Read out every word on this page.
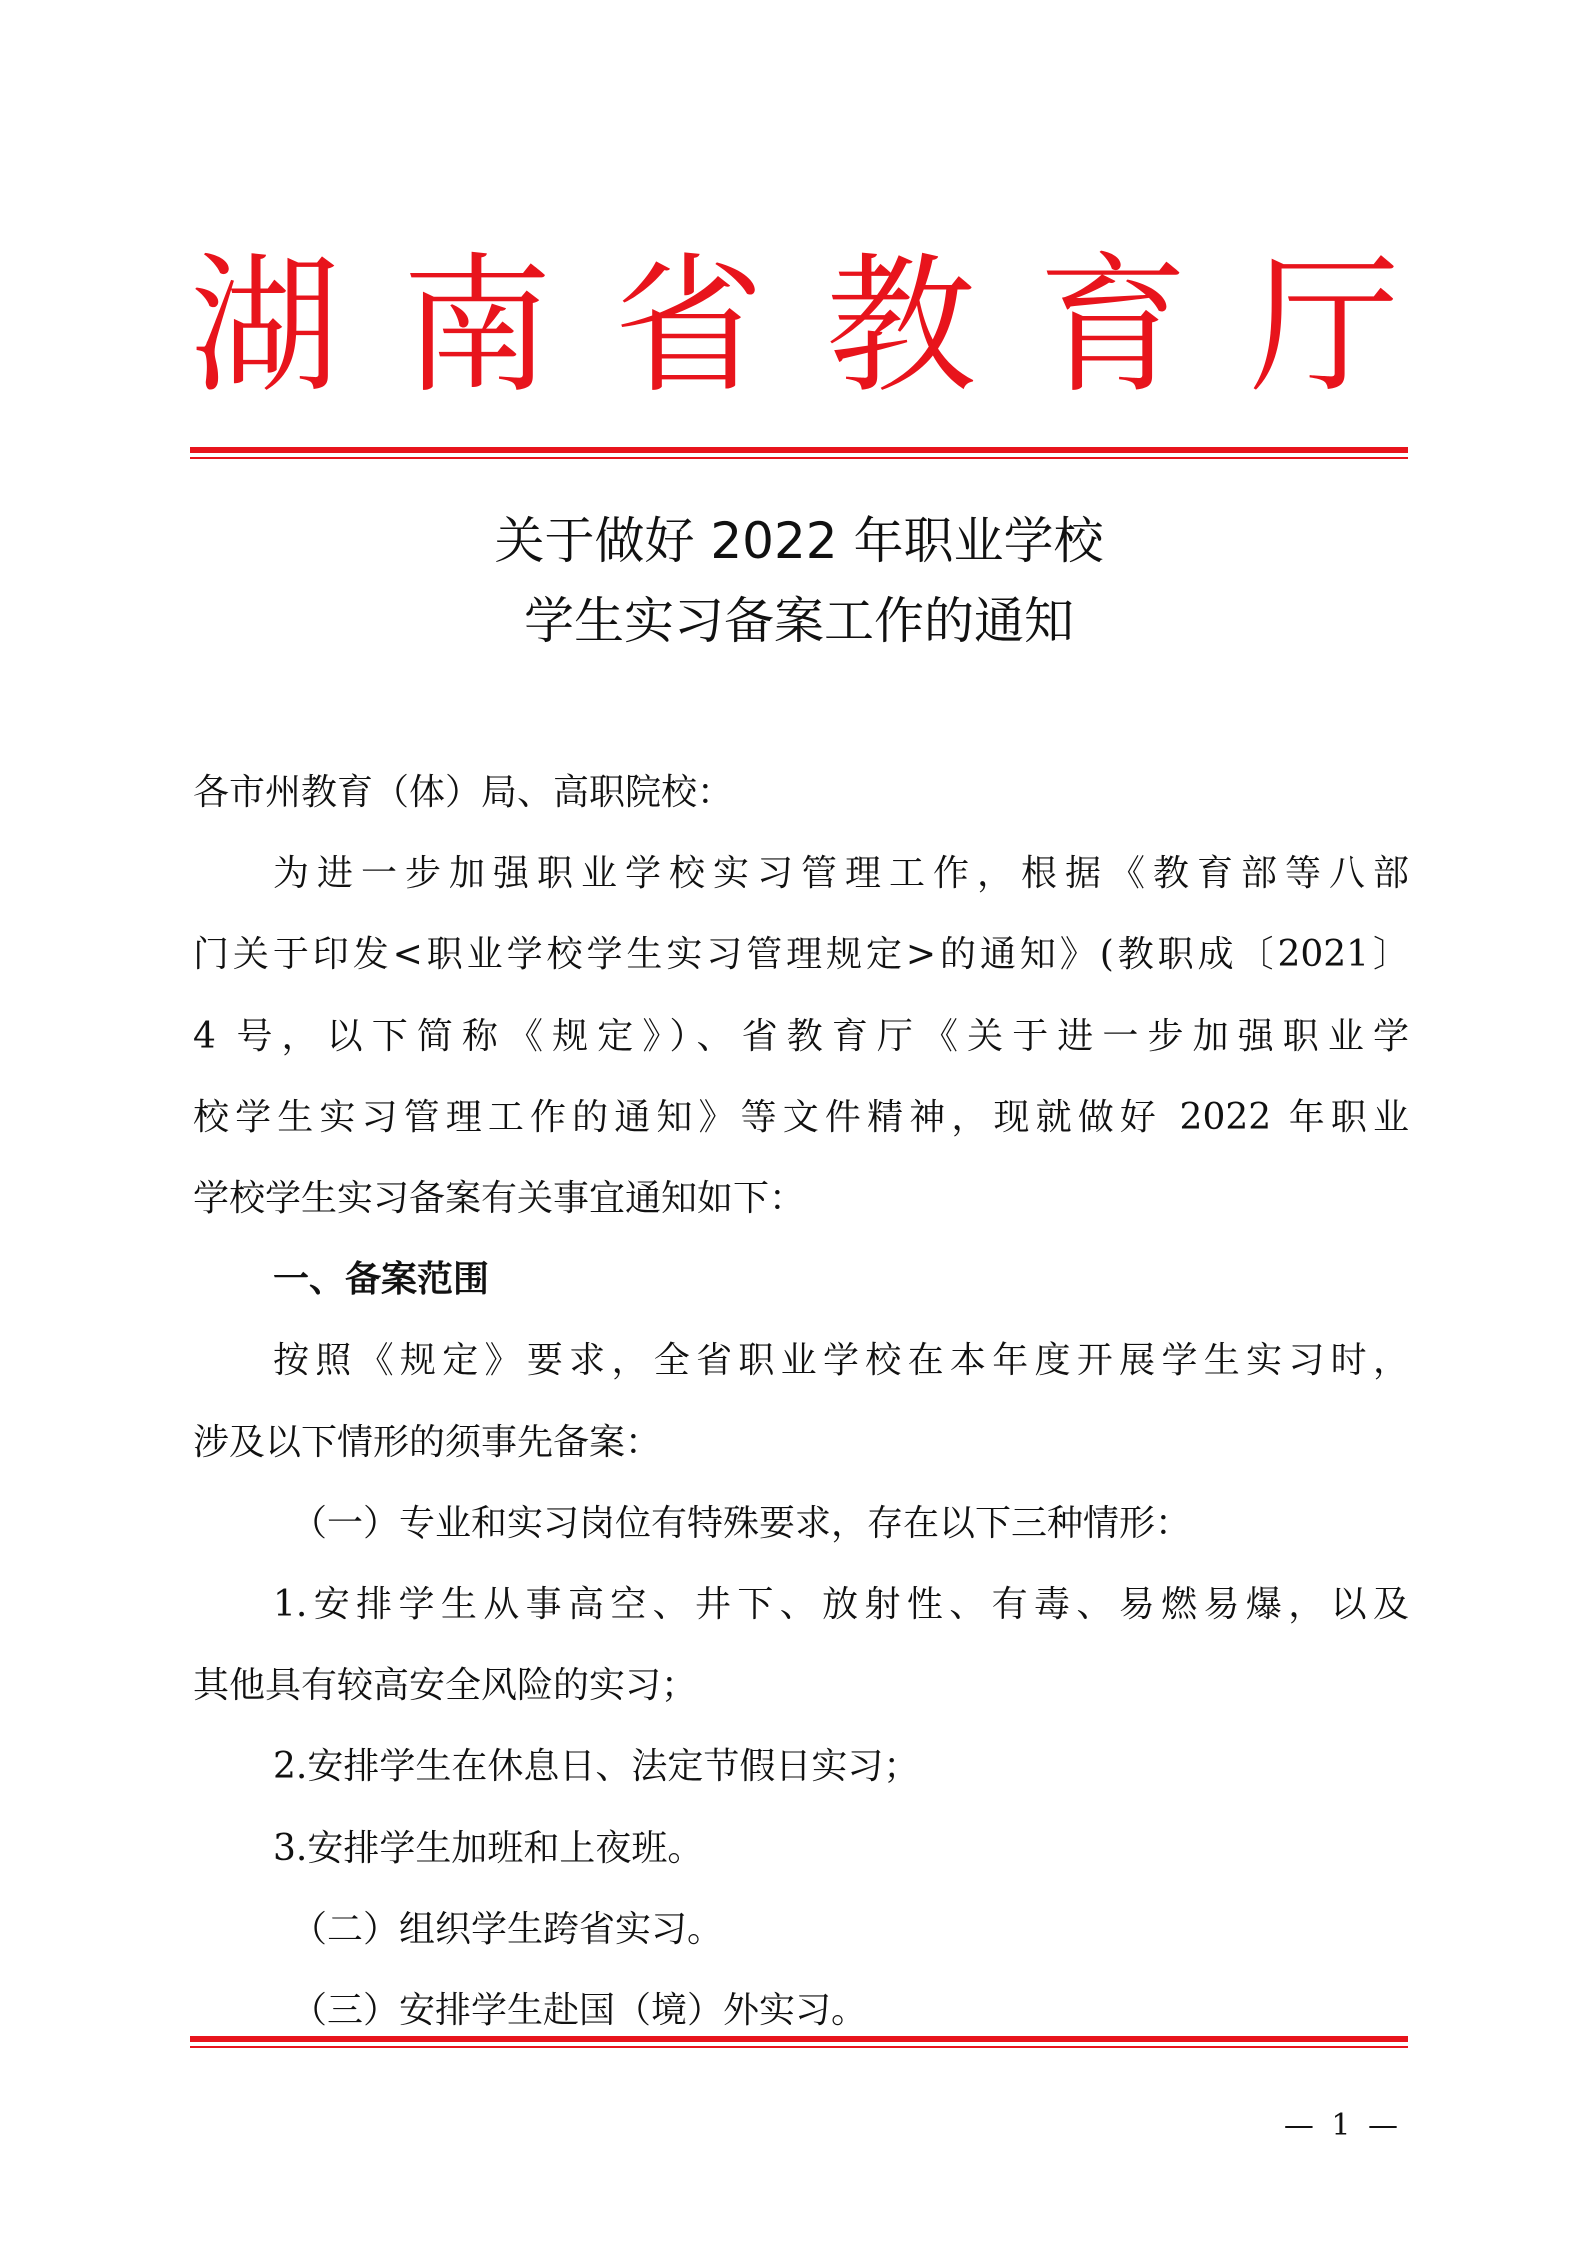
湖 南 省 教 育 厅
关于做好 2022 年职业学校
学生实习备案工作的通知

各市州教育（体）局、高职院校：

为进一步加强职业学校实习管理工作，根据《教育部等八部

门关于印发<职业学校学生实习管理规定>的通知》(教职成〔2021〕

4 号，以下简称《规定》）、省教育厅《关于进一步加强职业学

校学生实习管理工作的通知》等文件精神，现就做好 2022 年职业

学校学生实习备案有关事宜通知如下：

一、备案范围

按照《规定》要求，全省职业学校在本年度开展学生实习时，

涉及以下情形的须事先备案：

（一）专业和实习岗位有特殊要求，存在以下三种情形：

1.安排学生从事高空、井下、放射性、有毒、易燃易爆，以及

其他具有较高安全风险的实习；

2.安排学生在休息日、法定节假日实习；

3.安排学生加班和上夜班。

（二）组织学生跨省实习。

（三）安排学生赴国（境）外实习。

— 1 —
